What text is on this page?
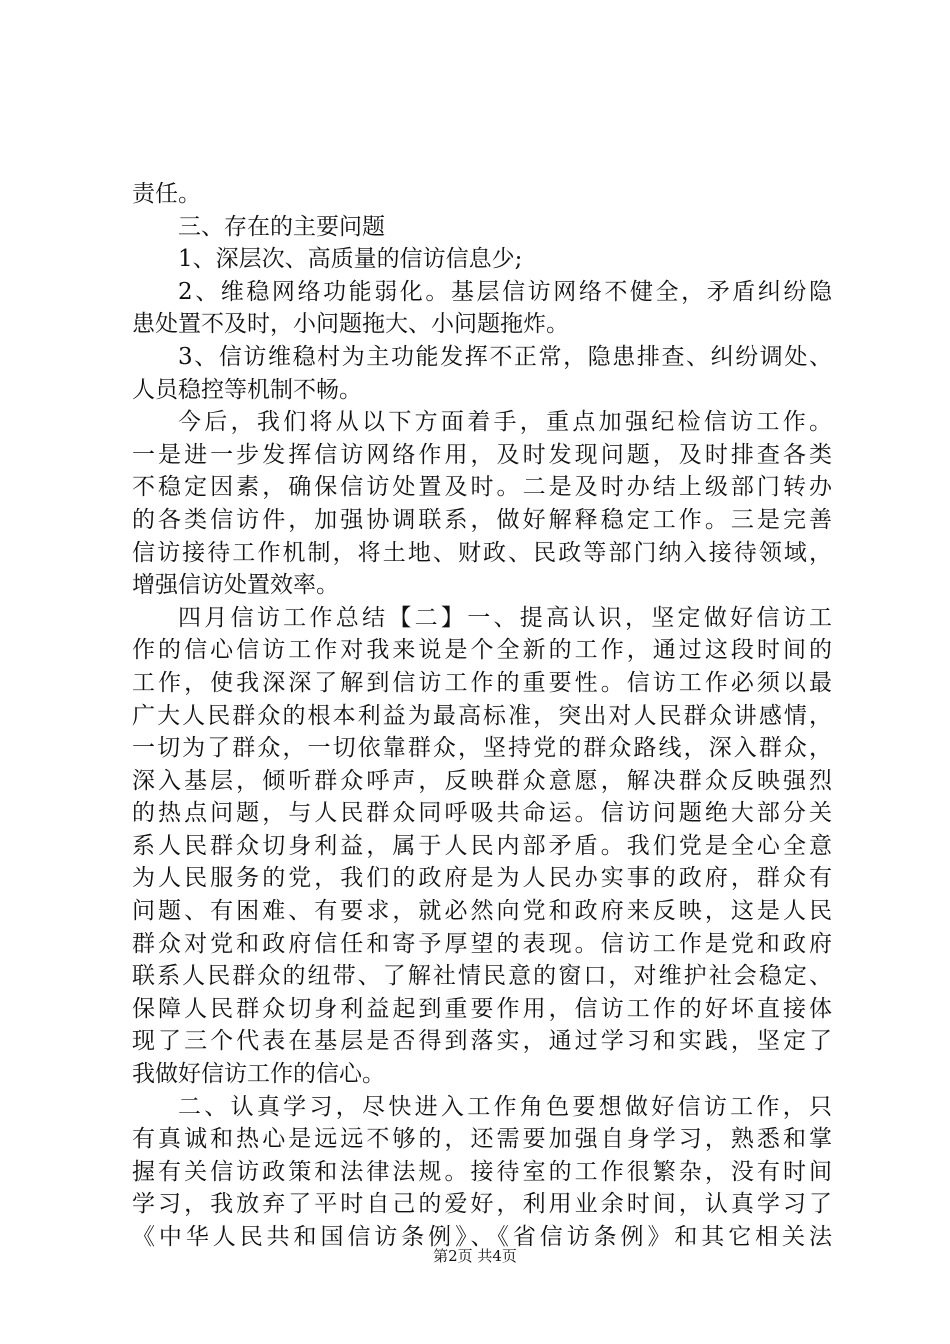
责任。
三、存在的主要问题
1、深层次、高质量的信访信息少;
2、维稳网络功能弱化。基层信访网络不健全，矛盾纠纷隐
患处置不及时，小问题拖大、小问题拖炸。
3、信访维稳村为主功能发挥不正常，隐患排查、纠纷调处、
人员稳控等机制不畅。
今后，我们将从以下方面着手，重点加强纪检信访工作。
一是进一步发挥信访网络作用，及时发现问题，及时排查各类
不稳定因素，确保信访处置及时。二是及时办结上级部门转办
的各类信访件，加强协调联系，做好解释稳定工作。三是完善
信访接待工作机制，将土地、财政、民政等部门纳入接待领域，
增强信访处置效率。
四月信访工作总结【二】一、提高认识，坚定做好信访工
作的信心信访工作对我来说是个全新的工作，通过这段时间的
工作，使我深深了解到信访工作的重要性。信访工作必须以最
广大人民群众的根本利益为最高标准，突出对人民群众讲感情，
一切为了群众，一切依靠群众，坚持党的群众路线，深入群众，
深入基层，倾听群众呼声，反映群众意愿，解决群众反映强烈
的热点问题，与人民群众同呼吸共命运。信访问题绝大部分关
系人民群众切身利益，属于人民内部矛盾。我们党是全心全意
为人民服务的党，我们的政府是为人民办实事的政府，群众有
问题、有困难、有要求，就必然向党和政府来反映，这是人民
群众对党和政府信任和寄予厚望的表现。信访工作是党和政府
联系人民群众的纽带、了解社情民意的窗口，对维护社会稳定、
保障人民群众切身利益起到重要作用，信访工作的好坏直接体
现了三个代表在基层是否得到落实，通过学习和实践，坚定了
我做好信访工作的信心。
二、认真学习，尽快进入工作角色要想做好信访工作，只
有真诚和热心是远远不够的，还需要加强自身学习，熟悉和掌
握有关信访政策和法律法规。接待室的工作很繁杂，没有时间
学习，我放弃了平时自己的爱好，利用业余时间，认真学习了
《中华人民共和国信访条例》、《省信访条例》和其它相关法
第2页 共4页
